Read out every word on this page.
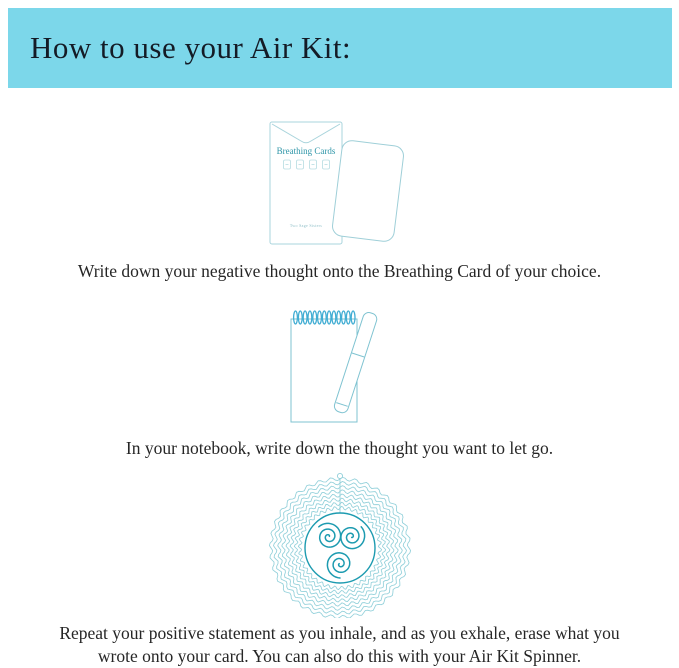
How to use your Air Kit:
Breathing Cards
Two Sage Sisters

Write down your negative thought onto the Breathing Card of your choice.

In your notebook, write down the thought you want to let go.

Repeat your positive statement as you inhale, and as you exhale, erase what you wrote onto your card. You can also do this with your Air Kit Spinner.
